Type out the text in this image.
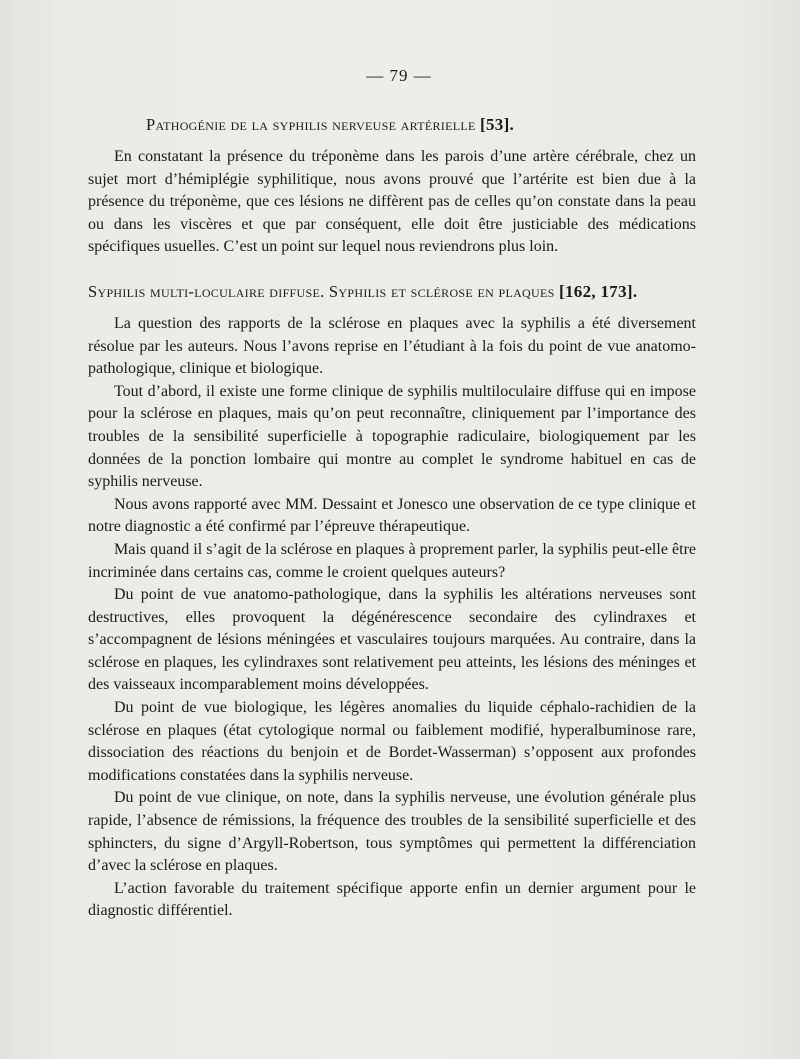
— 79 —
Pathogénie de la syphilis nerveuse artérielle [53].

En constatant la présence du tréponème dans les parois d’une artère cérébrale, chez un sujet mort d’hémiplégie syphilitique, nous avons prouvé que l’artérite est bien due à la présence du tréponème, que ces lésions ne diffèrent pas de celles qu’on constate dans la peau ou dans les viscères et que par conséquent, elle doit être justiciable des médications spécifiques usuelles. C’est un point sur lequel nous reviendrons plus loin.

Syphilis multi-loculaire diffuse. Syphilis et sclérose en plaques [162, 173].

La question des rapports de la sclérose en plaques avec la syphilis a été diversement résolue par les auteurs. Nous l’avons reprise en l’étudiant à la fois du point de vue anatomo-pathologique, clinique et biologique.

Tout d’abord, il existe une forme clinique de syphilis multiloculaire diffuse qui en impose pour la sclérose en plaques, mais qu’on peut reconnaître, cliniquement par l’importance des troubles de la sensibilité superficielle à topographie radiculaire, biologiquement par les données de la ponction lombaire qui montre au complet le syndrome habituel en cas de syphilis nerveuse.

Nous avons rapporté avec MM. Dessaint et Jonesco une observation de ce type clinique et notre diagnostic a été confirmé par l’épreuve thérapeutique.

Mais quand il s’agit de la sclérose en plaques à proprement parler, la syphilis peut-elle être incriminée dans certains cas, comme le croient quelques auteurs?

Du point de vue anatomo-pathologique, dans la syphilis les altérations nerveuses sont destructives, elles provoquent la dégénérescence secondaire des cylindraxes et s’accompagnent de lésions méningées et vasculaires toujours marquées. Au contraire, dans la sclérose en plaques, les cylindraxes sont relativement peu atteints, les lésions des méninges et des vaisseaux incomparablement moins développées.

Du point de vue biologique, les légères anomalies du liquide céphalo-rachidien de la sclérose en plaques (état cytologique normal ou faiblement modifié, hyperalbuminose rare, dissociation des réactions du benjoin et de Bordet-Wasserman) s’opposent aux profondes modifications constatées dans la syphilis nerveuse.

Du point de vue clinique, on note, dans la syphilis nerveuse, une évolution générale plus rapide, l’absence de rémissions, la fréquence des troubles de la sensibilité superficielle et des sphincters, du signe d’Argyll-Robertson, tous symptômes qui permettent la différenciation d’avec la sclérose en plaques.

L’action favorable du traitement spécifique apporte enfin un dernier argument pour le diagnostic différentiel.
